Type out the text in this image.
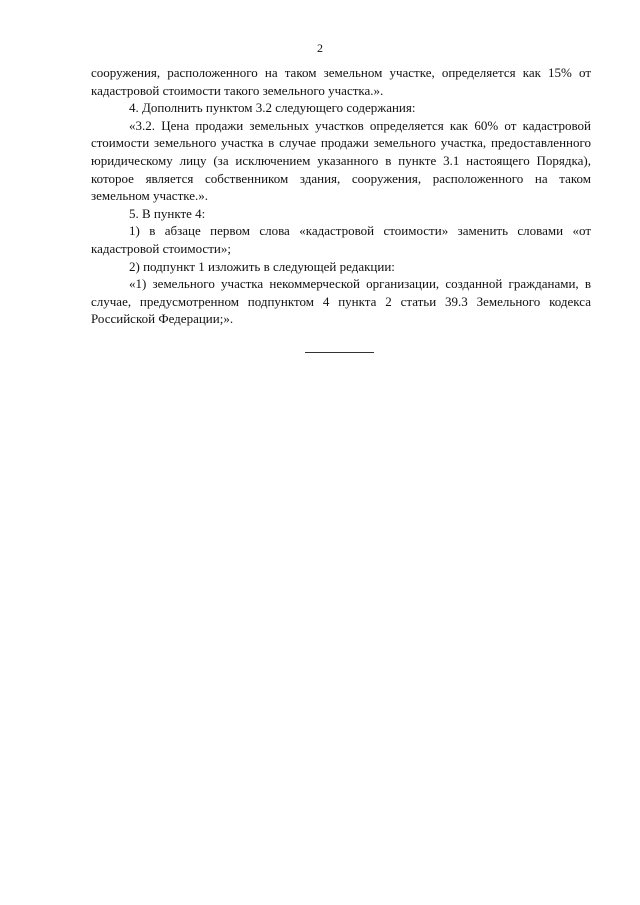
2

сооружения, расположенного на таком земельном участке, определяется как 15% от кадастровой стоимости такого земельного участка.».

4. Дополнить пунктом 3.2 следующего содержания:

«3.2. Цена продажи земельных участков определяется как 60% от кадастровой стоимости земельного участка в случае продажи земельного участка, предоставленного юридическому лицу (за исключением указанного в пункте 3.1 настоящего Порядка), которое является собственником здания, сооружения, расположенного на таком земельном участке.».

5. В пункте 4:

1) в абзаце первом слова «кадастровой стоимости» заменить словами «от кадастровой стоимости»;

2) подпункт 1 изложить в следующей редакции:

«1) земельного участка некоммерческой организации, созданной гражданами, в случае, предусмотренном подпунктом 4 пункта 2 статьи 39.3 Земельного кодекса Российской Федерации;».
